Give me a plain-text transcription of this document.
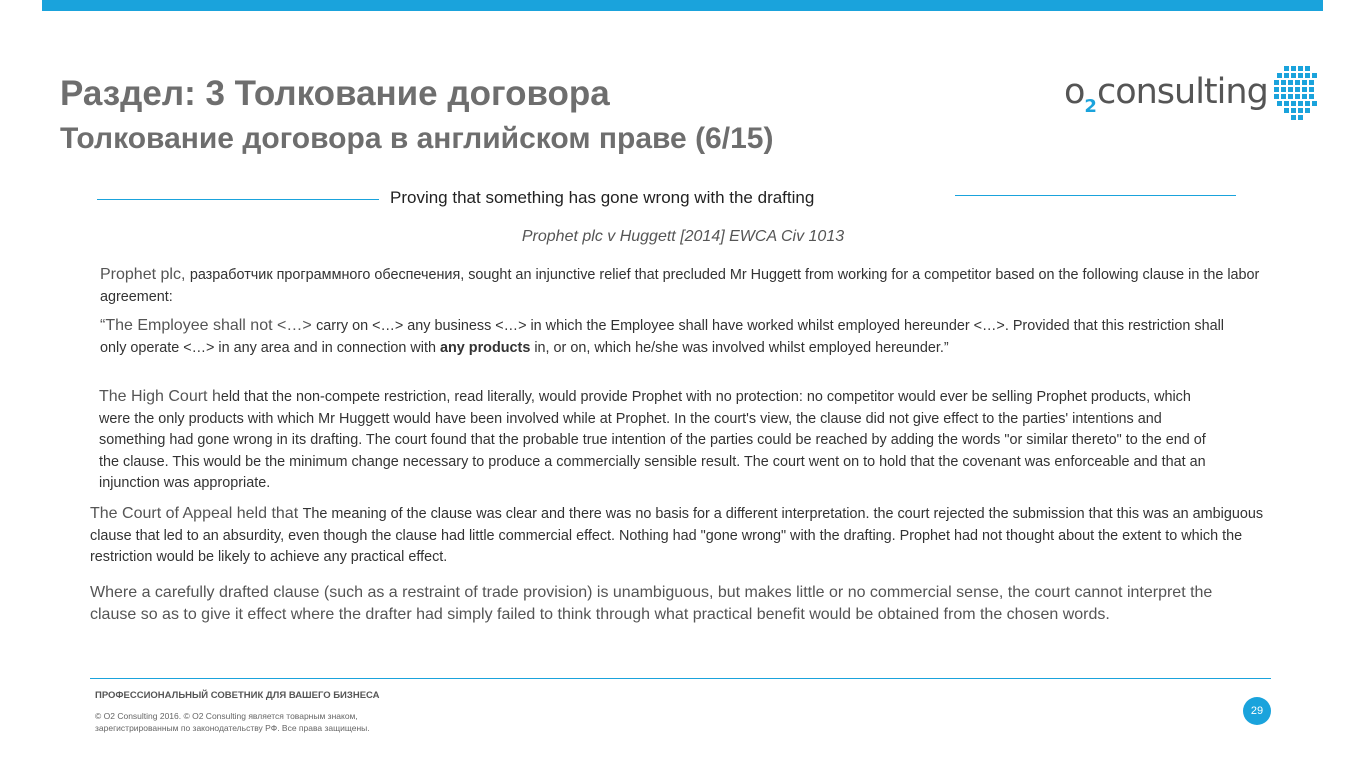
Раздел: 3 Толкование договора
Толкование договора в английском праве (6/15)
$o_2consulting$
Proving that something has gone wrong with the drafting
Prophet plc v Huggett [2014] EWCA Civ 1013
Prophet plc, разработчик программного обеспечения, sought an injunctive relief that precluded Mr Huggett from working for a competitor based on the following clause in the labor agreement:
“The Employee shall not <…> carry on <…> any business <…> in which the Employee shall have worked whilst employed hereunder <…>. Provided that this restriction shall only operate <…> in any area and in connection with any products in, or on, which he/she was involved whilst employed hereunder.”
The High Court held that the non-compete restriction, read literally, would provide Prophet with no protection: no competitor would ever be selling Prophet products, which were the only products with which Mr Huggett would have been involved while at Prophet. In the court's view, the clause did not give effect to the parties' intentions and something had gone wrong in its drafting. The court found that the probable true intention of the parties could be reached by adding the words "or similar thereto" to the end of the clause. This would be the minimum change necessary to produce a commercially sensible result. The court went on to hold that the covenant was enforceable and that an injunction was appropriate.
The Court of Appeal held that The meaning of the clause was clear and there was no basis for a different interpretation. the court rejected the submission that this was an ambiguous clause that led to an absurdity, even though the clause had little commercial effect. Nothing had "gone wrong" with the drafting. Prophet had not thought about the extent to which the restriction would be likely to achieve any practical effect.
Where a carefully drafted clause (such as a restraint of trade provision) is unambiguous, but makes little or no commercial sense, the court cannot interpret the clause so as to give it effect where the drafter had simply failed to think through what practical benefit would be obtained from the chosen words.
ПРОФЕССИОНАЛЬНЫЙ СОВЕТНИК ДЛЯ ВАШЕГО БИЗНЕСА
© O2 Consulting 2016. © O2 Consulting является товарным знаком,
зарегистрированным по законодательству РФ. Все права защищены.
29
